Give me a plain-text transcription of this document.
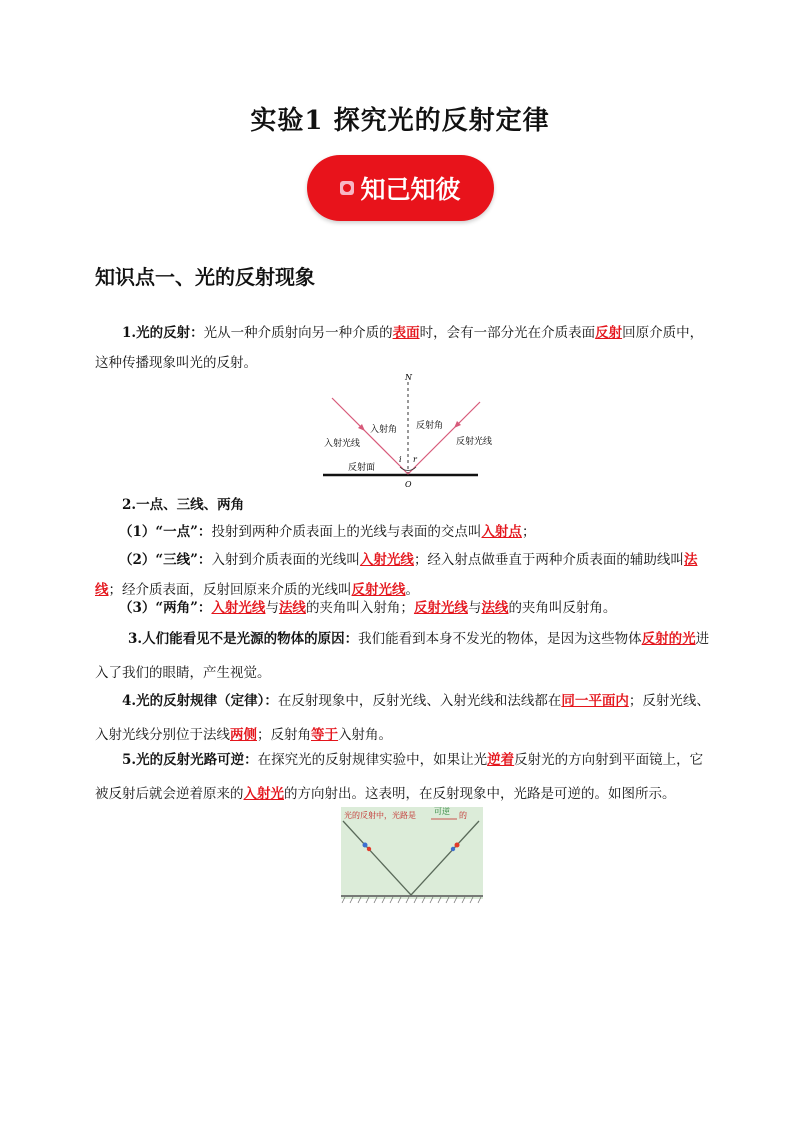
实验1 探究光的反射定律
知己知彼
知识点一、光的反射现象
1.光的反射：光从一种介质射向另一种介质的表面时，会有一部分光在介质表面反射回原介质中，这种传播现象叫光的反射。
N
入射角 反射角
入射光线	反射光线
反射面
i r
O
2.一点、三线、两角
（1）“一点”：投射到两种介质表面上的光线与表面的交点叫入射点；
（2）“三线”：入射到介质表面的光线叫入射光线；经入射点做垂直于两种介质表面的辅助线叫法线；经介质表面，反射回原来介质的光线叫反射光线。
（3）“两角”：入射光线与法线的夹角叫入射角；反射光线与法线的夹角叫反射角。
3.人们能看见不是光源的物体的原因：我们能看到本身不发光的物体，是因为这些物体反射的光进入了我们的眼睛，产生视觉。
4.光的反射规律（定律）：在反射现象中，反射光线、入射光线和法线都在同一平面内；反射光线、入射光线分别位于法线两侧；反射角等于入射角。
5.光的反射光路可逆：在探究光的反射规律实验中，如果让光逆着反射光的方向射到平面镜上，它被反射后就会逆着原来的入射光的方向射出。这表明，在反射现象中，光路是可逆的。如图所示。
光的反射中，光路是 可逆 的
